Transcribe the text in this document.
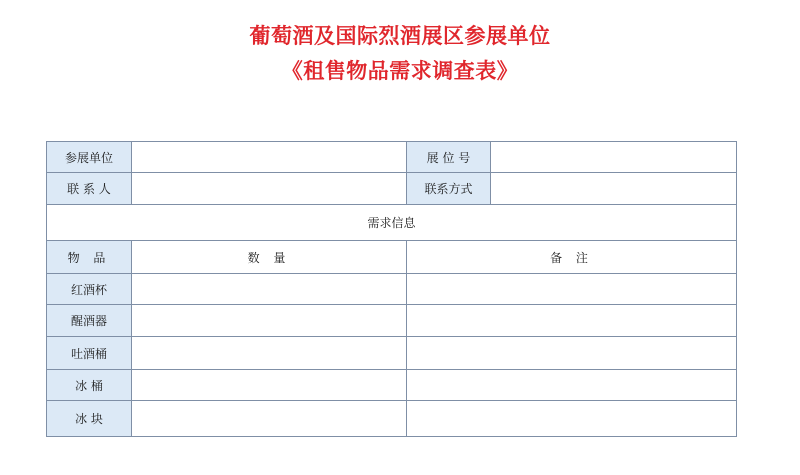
葡萄酒及国际烈酒展区参展单位
《租售物品需求调查表》
参展单位		展 位 号	
联 系 人		联系方式	
需求信息			
物 品	数 量	备 注	
红酒杯			
醒酒器			
吐酒桶			
冰 桶			
冰 块			
